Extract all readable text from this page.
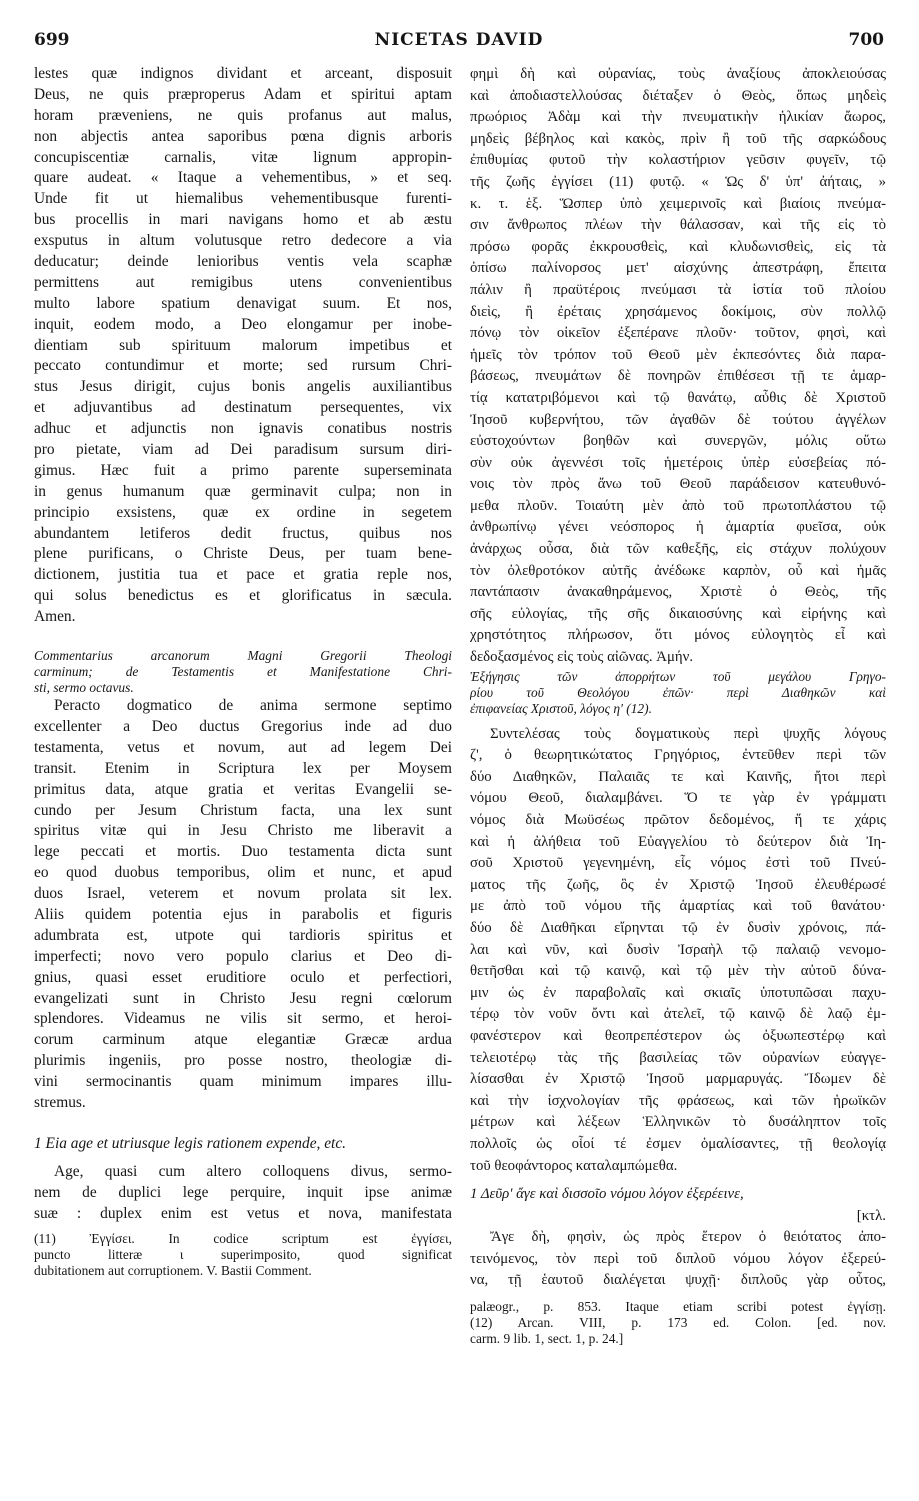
699	NICETAS DAVID	700
lestes quæ indignos dividant et arceant, disposuit
Deus, ne quis præproperus Adam et spiritui aptam
horam præveniens, ne quis profanus aut malus,
non abjectis antea saporibus pœna dignis arboris
concupiscentiæ carnalis, vitæ lignum appropin-
quare audeat. « Itaque a vehementibus, » et seq.
Unde fit ut hiemalibus vehementibusque furenti-
bus procellis in mari navigans homo et ab æstu
exsputus in altum volutusque retro dedecore a via
deducatur; deinde lenioribus ventis vela scaphæ
permittens aut remigibus utens convenientibus
multo labore spatium denavigat suum. Et nos,
inquit, eodem modo, a Deo elongamur per inobe-
dientiam sub spirituum malorum impetibus et
peccato contundimur et morte; sed rursum Chri-
stus Jesus dirigit, cujus bonis angelis auxiliantibus
et adjuvantibus ad destinatum persequentes, vix
adhuc et adjunctis non ignavis conatibus nostris
pro pietate, viam ad Dei paradisum sursum diri-
gimus. Hæc fuit a primo parente superseminata
in genus humanum quæ germinavit culpa; non in
principio exsistens, quæ ex ordine in segetem
abundantem letiferos dedit fructus, quibus nos
plene purificans, o Christe Deus, per tuam bene-
dictionem, justitia tua et pace et gratia reple nos,
qui solus benedictus es et glorificatus in sæcula.
Amen.
Commentarius arcanorum Magni Gregorii Theologi
carminum; de Testamentis et Manifestatione Chri-
sti, sermo octavus.
Peracto dogmatico de anima sermone septimo
excellenter a Deo ductus Gregorius inde ad duo
testamenta, vetus et novum, aut ad legem Dei
transit. Etenim in Scriptura lex per Moysem
primitus data, atque gratia et veritas Evangelii se-
cundo per Jesum Christum facta, una lex sunt
spiritus vitæ qui in Jesu Christo me liberavit a
lege peccati et mortis. Duo testamenta dicta sunt
eo quod duobus temporibus, olim et nunc, et apud
duos Israel, veterem et novum prolata sit lex.
Aliis quidem potentia ejus in parabolis et figuris
adumbrata est, utpote qui tardioris spiritus et
imperfecti; novo vero populo clarius et Deo di-
gnius, quasi esset eruditiore oculo et perfectiori,
evangelizati sunt in Christo Jesu regni cœlorum
splendores. Videamus ne vilis sit sermo, et heroi-
corum carminum atque elegantiæ Græcæ ardua
plurimis ingeniis, pro posse nostro, theologiæ di-
vini sermocinantis quam minimum impares illu-
stremus.
1 Eia age et utriusque legis rationem expende, etc.
Age, quasi cum altero colloquens divus, sermo-
nem de duplici lege perquire, inquit ipse animæ
suæ : duplex enim est vetus et nova, manifestata
(11) Ἐγγίσει. In codice scriptum est ἐγγίσει,
puncto litteræ ι superimposito, quod significat
dubitationem aut corruptionem. V. Bastii Comment.
φημὶ δὴ καὶ οὐρανίας, τοὺς ἀναξίους ἀποκλειούσας
καὶ ἀποδιαστελλούσας διέταξεν ὁ Θεὸς, ὅπως μηδεὶς
πρωόριος Ἀδὰμ καὶ τὴν πνευματικὴν ἡλικίαν ἄωρος,
μηδεὶς βέβηλος καὶ κακὸς, πρὶν ἢ τοῦ τῆς σαρκώδους
ἐπιθυμίας φυτοῦ τὴν κολαστήριον γεῦσιν φυγεῖν, τῷ
τῆς ζωῆς ἐγγίσει (11) φυτῷ. « Ὡς δ' ὑπ' ἀήταις, »
κ. τ. ἑξ. Ὥσπερ ὑπὸ χειμερινοῖς καὶ βιαίοις πνεύμα-
σιν ἄνθρωπος πλέων τὴν θάλασσαν, καὶ τῆς εἰς τὸ
πρόσω φορᾶς ἐκκρουσθεὶς, καὶ κλυδωνισθεὶς, εἰς τὰ
ὀπίσω παλίνορσος μετ' αἰσχύνης ἀπεστράφη, ἔπειτα
πάλιν ἢ πραϋτέροις πνεύμασι τὰ ἱστία τοῦ πλοίου
διεὶς, ἢ ἐρέταις χρησάμενος δοκίμοις, σὺν πολλῷ
πόνῳ τὸν οἰκεῖον ἐξεπέρανε πλοῦν· τοῦτον, φησὶ, καὶ
ἡμεῖς τὸν τρόπον τοῦ Θεοῦ μὲν ἐκπεσόντες διὰ παρα-
βάσεως, πνευμάτων δὲ πονηρῶν ἐπιθέσεσι τῇ τε ἁμαρ-
τίᾳ κατατριβόμενοι καὶ τῷ θανάτῳ, αὖθις δὲ Χριστοῦ
Ἰησοῦ κυβερνήτου, τῶν ἀγαθῶν δὲ τούτου ἀγγέλων
εὐστοχούντων βοηθῶν καὶ συνεργῶν, μόλις οὕτω
σὺν οὐκ ἀγεννέσι τοῖς ἡμετέροις ὑπὲρ εὐσεβείας πό-
νοις τὸν πρὸς ἄνω τοῦ Θεοῦ παράδεισον κατευθυνό-
μεθα πλοῦν. Τοιαύτη μὲν ἀπὸ τοῦ πρωτοπλάστου τῷ
ἀνθρωπίνῳ γένει νεόσπορος ἡ ἁμαρτία φυεῖσα, οὐκ
ἀνάρχως οὖσα, διὰ τῶν καθεξῆς, εἰς στάχυν πολύχουν
τὸν ὀλεθροτόκον αὐτῆς ἀνέδωκε καρπὸν, οὗ καὶ ἡμᾶς
παντάπασιν ἀνακαθηράμενος, Χριστὲ ὁ Θεὸς, τῆς
σῆς εὐλογίας, τῆς σῆς δικαιοσύνης καὶ εἰρήνης καὶ
χρηστότητος πλήρωσον, ὅτι μόνος εὐλογητὸς εἶ καὶ
δεδοξασμένος εἰς τοὺς αἰῶνας. Ἀμήν.
Ἐξήγησις τῶν ἀπορρήτων τοῦ μεγάλου Γρηγο-
ρίου τοῦ Θεολόγου ἐπῶν· περὶ Διαθηκῶν καὶ
ἐπιφανείας Χριστοῦ, λόγος η' (12).
Συντελέσας τοὺς δογματικοὺς περὶ ψυχῆς λόγους
ζ', ὁ θεωρητικώτατος Γρηγόριος, ἐντεῦθεν περὶ τῶν
δύο Διαθηκῶν, Παλαιᾶς τε καὶ Καινῆς, ἤτοι περὶ
νόμου Θεοῦ, διαλαμβάνει. Ὅ τε γὰρ ἐν γράμματι
νόμος διὰ Μωϋσέως πρῶτον δεδομένος, ἥ τε χάρις
καὶ ἡ ἀλήθεια τοῦ Εὐαγγελίου τὸ δεύτερον διὰ Ἰη-
σοῦ Χριστοῦ γεγενημένη, εἷς νόμος ἐστὶ τοῦ Πνεύ-
ματος τῆς ζωῆς, ὃς ἐν Χριστῷ Ἰησοῦ ἐλευθέρωσέ
με ἀπὸ τοῦ νόμου τῆς ἁμαρτίας καὶ τοῦ θανάτου·
δύο δὲ Διαθῆκαι εἴρηνται τῷ ἐν δυσὶν χρόνοις, πά-
λαι καὶ νῦν, καὶ δυσὶν Ἰσραὴλ τῷ παλαιῷ νενομο-
θετῆσθαι καὶ τῷ καινῷ, καὶ τῷ μὲν τὴν αὐτοῦ δύνα-
μιν ὡς ἐν παραβολαῖς καὶ σκιαῖς ὑποτυπῶσαι παχυ-
τέρῳ τὸν νοῦν ὄντι καὶ ἀτελεῖ, τῷ καινῷ δὲ λαῷ ἐμ-
φανέστερον καὶ θεοπρεπέστερον ὡς ὀξυωπεστέρῳ καὶ
τελειοτέρῳ τὰς τῆς βασιλείας τῶν οὐρανίων εὐαγγε-
λίσασθαι ἐν Χριστῷ Ἰησοῦ μαρμαρυγάς. Ἴδωμεν δὲ
καὶ τὴν ἰσχνολογίαν τῆς φράσεως, καὶ τῶν ἡρωϊκῶν
μέτρων καὶ λέξεων Ἑλληνικῶν τὸ δυσάληπτον τοῖς
πολλοῖς ὡς οἷοί τέ ἐσμεν ὁμαλίσαντες, τῇ θεολογίᾳ
τοῦ θεοφάντορος καταλαμπώμεθα.
1 Δεῦρ' ἄγε καὶ δισσοῖο νόμου λόγον ἐξερέεινε,
[κτλ.
Ἄγε δὴ, φησὶν, ὡς πρὸς ἕτερον ὁ θειότατος ἀπο-
τεινόμενος, τὸν περὶ τοῦ διπλοῦ νόμου λόγον ἐξερεύ-
να, τῇ ἑαυτοῦ διαλέγεται ψυχῇ· διπλοῦς γὰρ οὗτος,
palæogr., p. 853. Itaque etiam scribi potest ἐγγίσῃ.
(12) Arcan. VIII, p. 173 ed. Colon. [ed. nov.
carm. 9 lib. 1, sect. 1, p. 24.]
